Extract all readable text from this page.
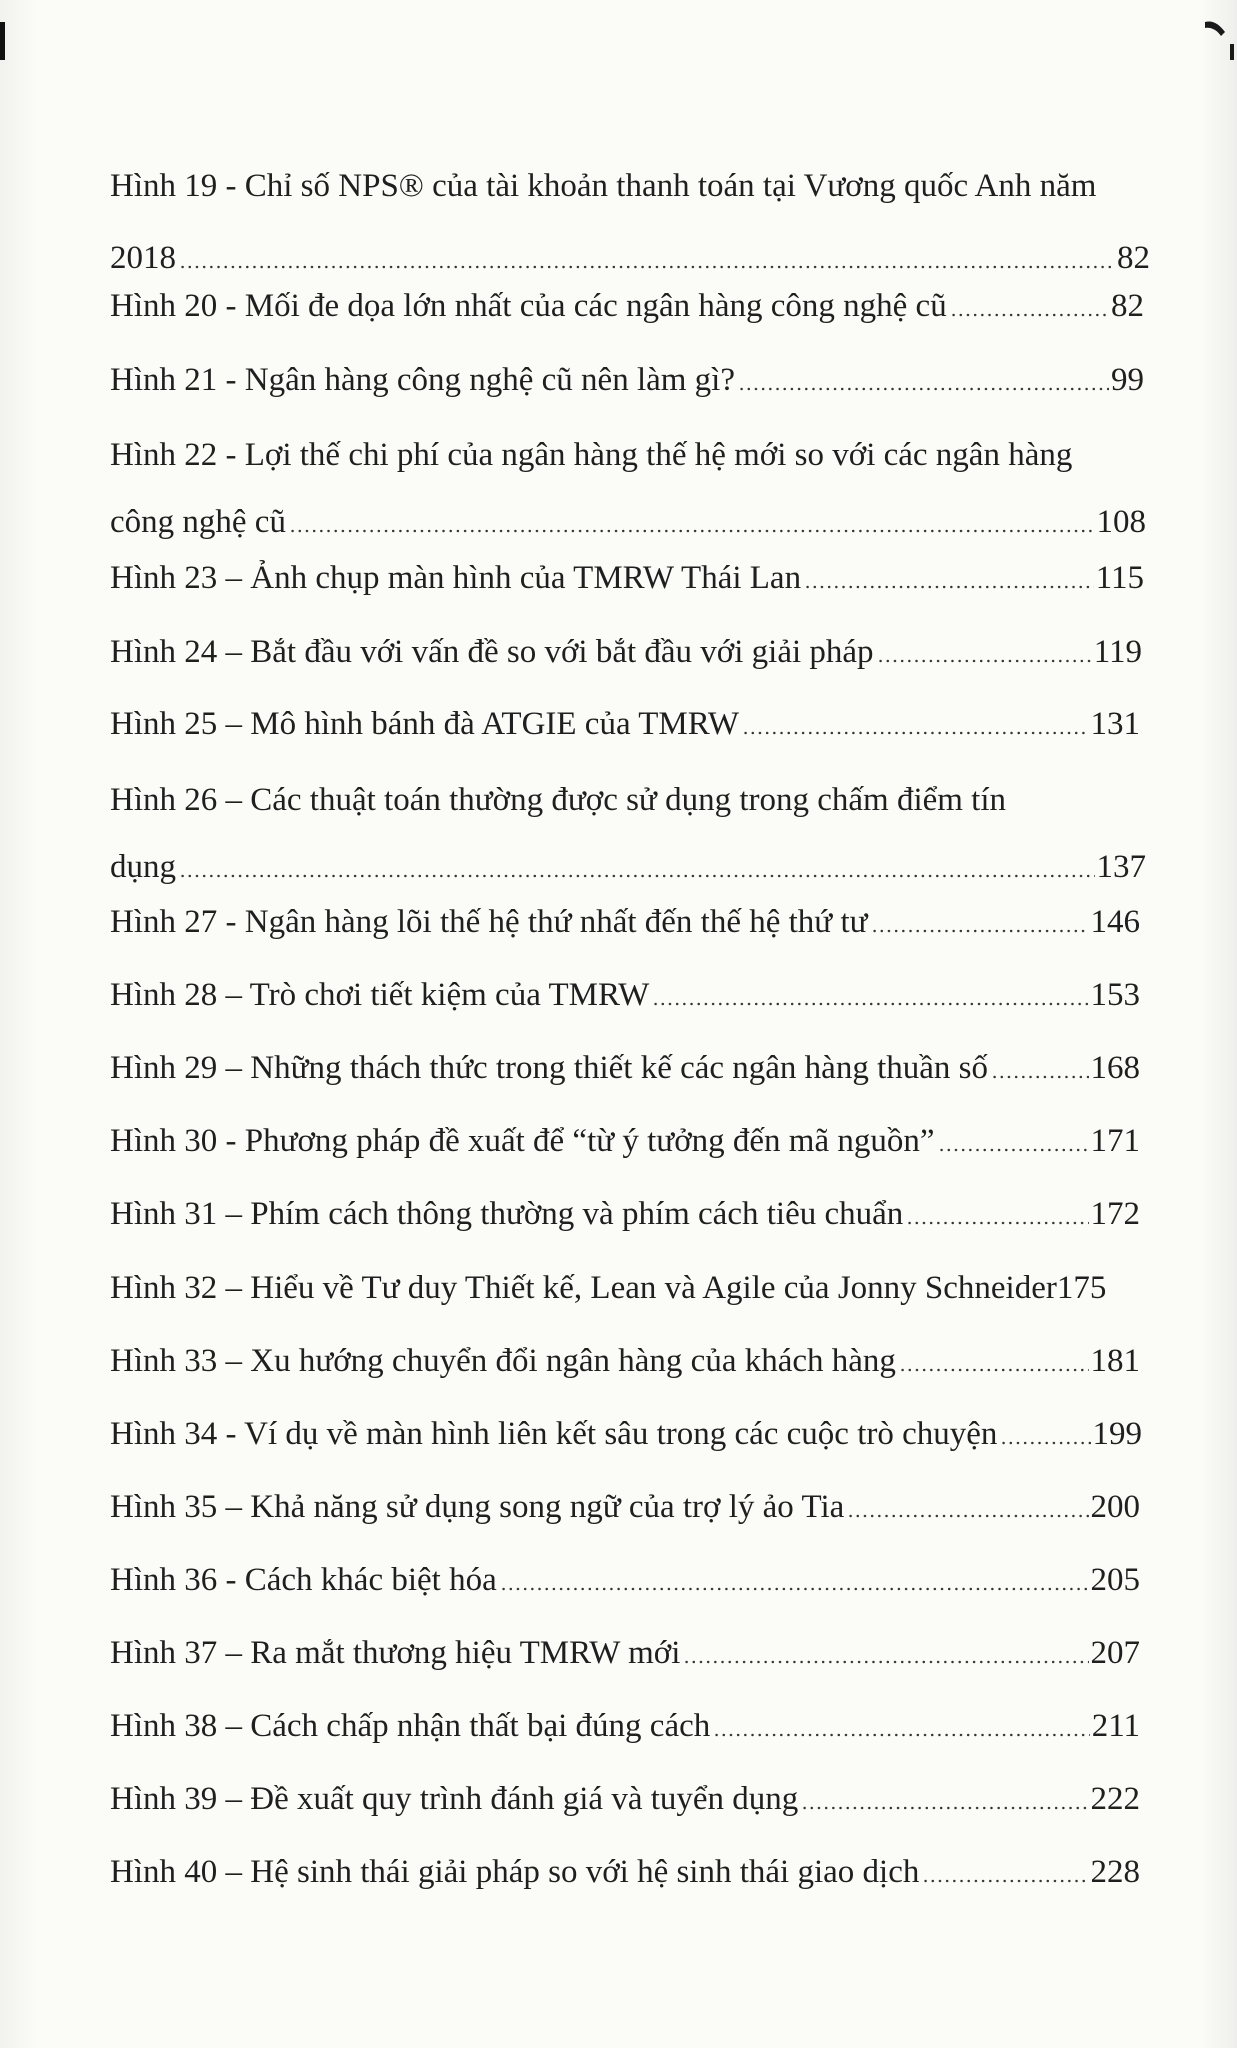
Hình 19 - Chỉ số NPS® của tài khoản thanh toán tại Vương quốc Anh năm
2018	82
Hình 20 - Mối đe dọa lớn nhất của các ngân hàng công nghệ cũ	82
Hình 21 - Ngân hàng công nghệ cũ nên làm gì?	99
Hình 22 - Lợi thế chi phí của ngân hàng thế hệ mới so với các ngân hàng
công nghệ cũ	108
Hình 23 – Ảnh chụp màn hình của TMRW Thái Lan	115
Hình 24 – Bắt đầu với vấn đề so với bắt đầu với giải pháp	119
Hình 25 – Mô hình bánh đà ATGIE của TMRW	131
Hình 26 – Các thuật toán thường được sử dụng trong chấm điểm tín
dụng	137
Hình 27 - Ngân hàng lõi thế hệ thứ nhất đến thế hệ thứ tư	146
Hình 28 – Trò chơi tiết kiệm của TMRW	153
Hình 29 – Những thách thức trong thiết kế các ngân hàng thuần số	168
Hình 30 - Phương pháp đề xuất để “từ ý tưởng đến mã nguồn”	171
Hình 31 – Phím cách thông thường và phím cách tiêu chuẩn	172
Hình 32 – Hiểu về Tư duy Thiết kế, Lean và Agile của Jonny Schneider 175
Hình 33 – Xu hướng chuyển đổi ngân hàng của khách hàng	181
Hình 34 - Ví dụ về màn hình liên kết sâu trong các cuộc trò chuyện	199
Hình 35 – Khả năng sử dụng song ngữ của trợ lý ảo Tia	200
Hình 36 - Cách khác biệt hóa	205
Hình 37 – Ra mắt thương hiệu TMRW mới	207
Hình 38 – Cách chấp nhận thất bại đúng cách	211
Hình 39 – Đề xuất quy trình đánh giá và tuyển dụng	222
Hình 40 – Hệ sinh thái giải pháp so với hệ sinh thái giao dịch	228
